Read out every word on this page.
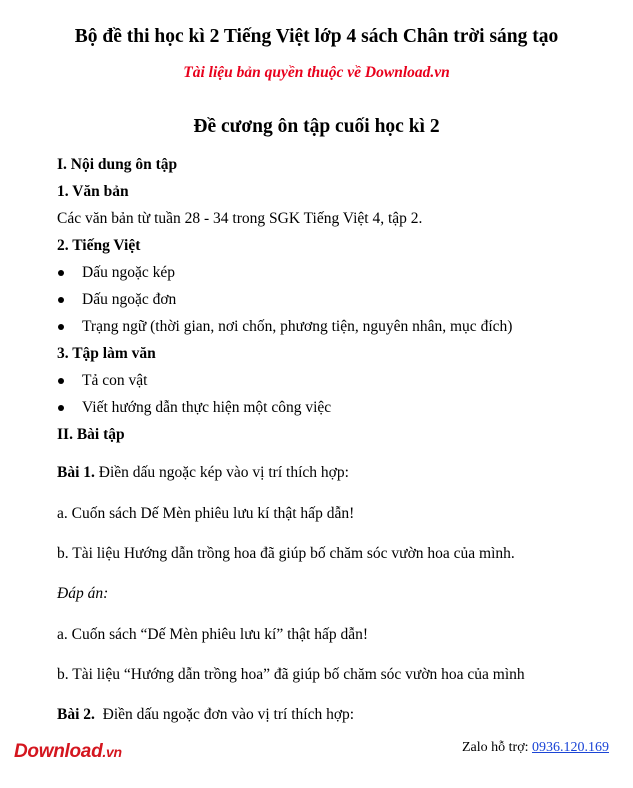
Bộ đề thi học kì 2 Tiếng Việt lớp 4 sách Chân trời sáng tạo
Tài liệu bản quyền thuộc về Download.vn
Đề cương ôn tập cuối học kì 2
I. Nội dung ôn tập
1. Văn bản
Các văn bản từ tuần 28 - 34 trong SGK Tiếng Việt 4, tập 2.
2. Tiếng Việt
Dấu ngoặc kép
Dấu ngoặc đơn
Trạng ngữ (thời gian, nơi chốn, phương tiện, nguyên nhân, mục đích)
3. Tập làm văn
Tả con vật
Viết hướng dẫn thực hiện một công việc
II. Bài tập
Bài 1. Điền dấu ngoặc kép vào vị trí thích hợp:
a. Cuốn sách Dế Mèn phiêu lưu kí thật hấp dẫn!
b. Tài liệu Hướng dẫn trồng hoa đã giúp bố chăm sóc vườn hoa của mình.
Đáp án:
a. Cuốn sách “Dế Mèn phiêu lưu kí” thật hấp dẫn!
b. Tài liệu “Hướng dẫn trồng hoa” đã giúp bố chăm sóc vườn hoa của mình
Bài 2. Điền dấu ngoặc đơn vào vị trí thích hợp:
Download.vn	Zalo hỗ trợ: 0936.120.169
